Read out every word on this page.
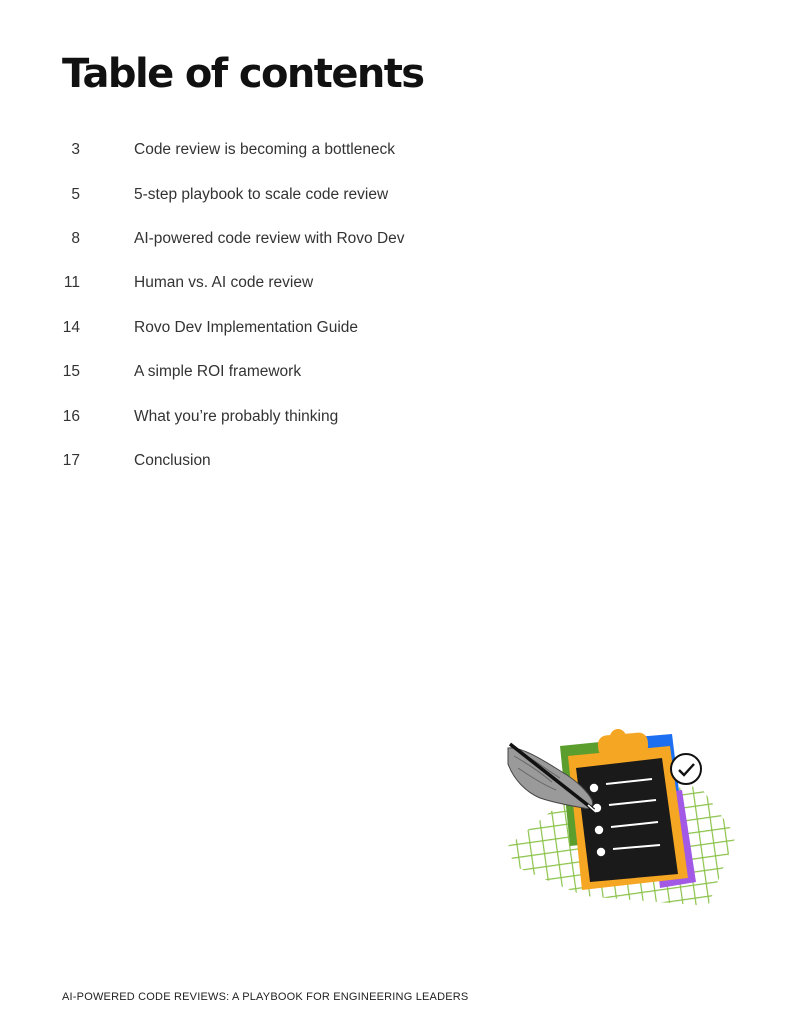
Table of contents
3	Code review is becoming a bottleneck
5	5-step playbook to scale code review
8	AI-powered code review with Rovo Dev
11	Human vs. AI code review
14	Rovo Dev Implementation Guide
15	A simple ROI framework
16	What you’re probably thinking
17	Conclusion
AI-POWERED CODE REVIEWS: A PLAYBOOK FOR ENGINEERING LEADERS
